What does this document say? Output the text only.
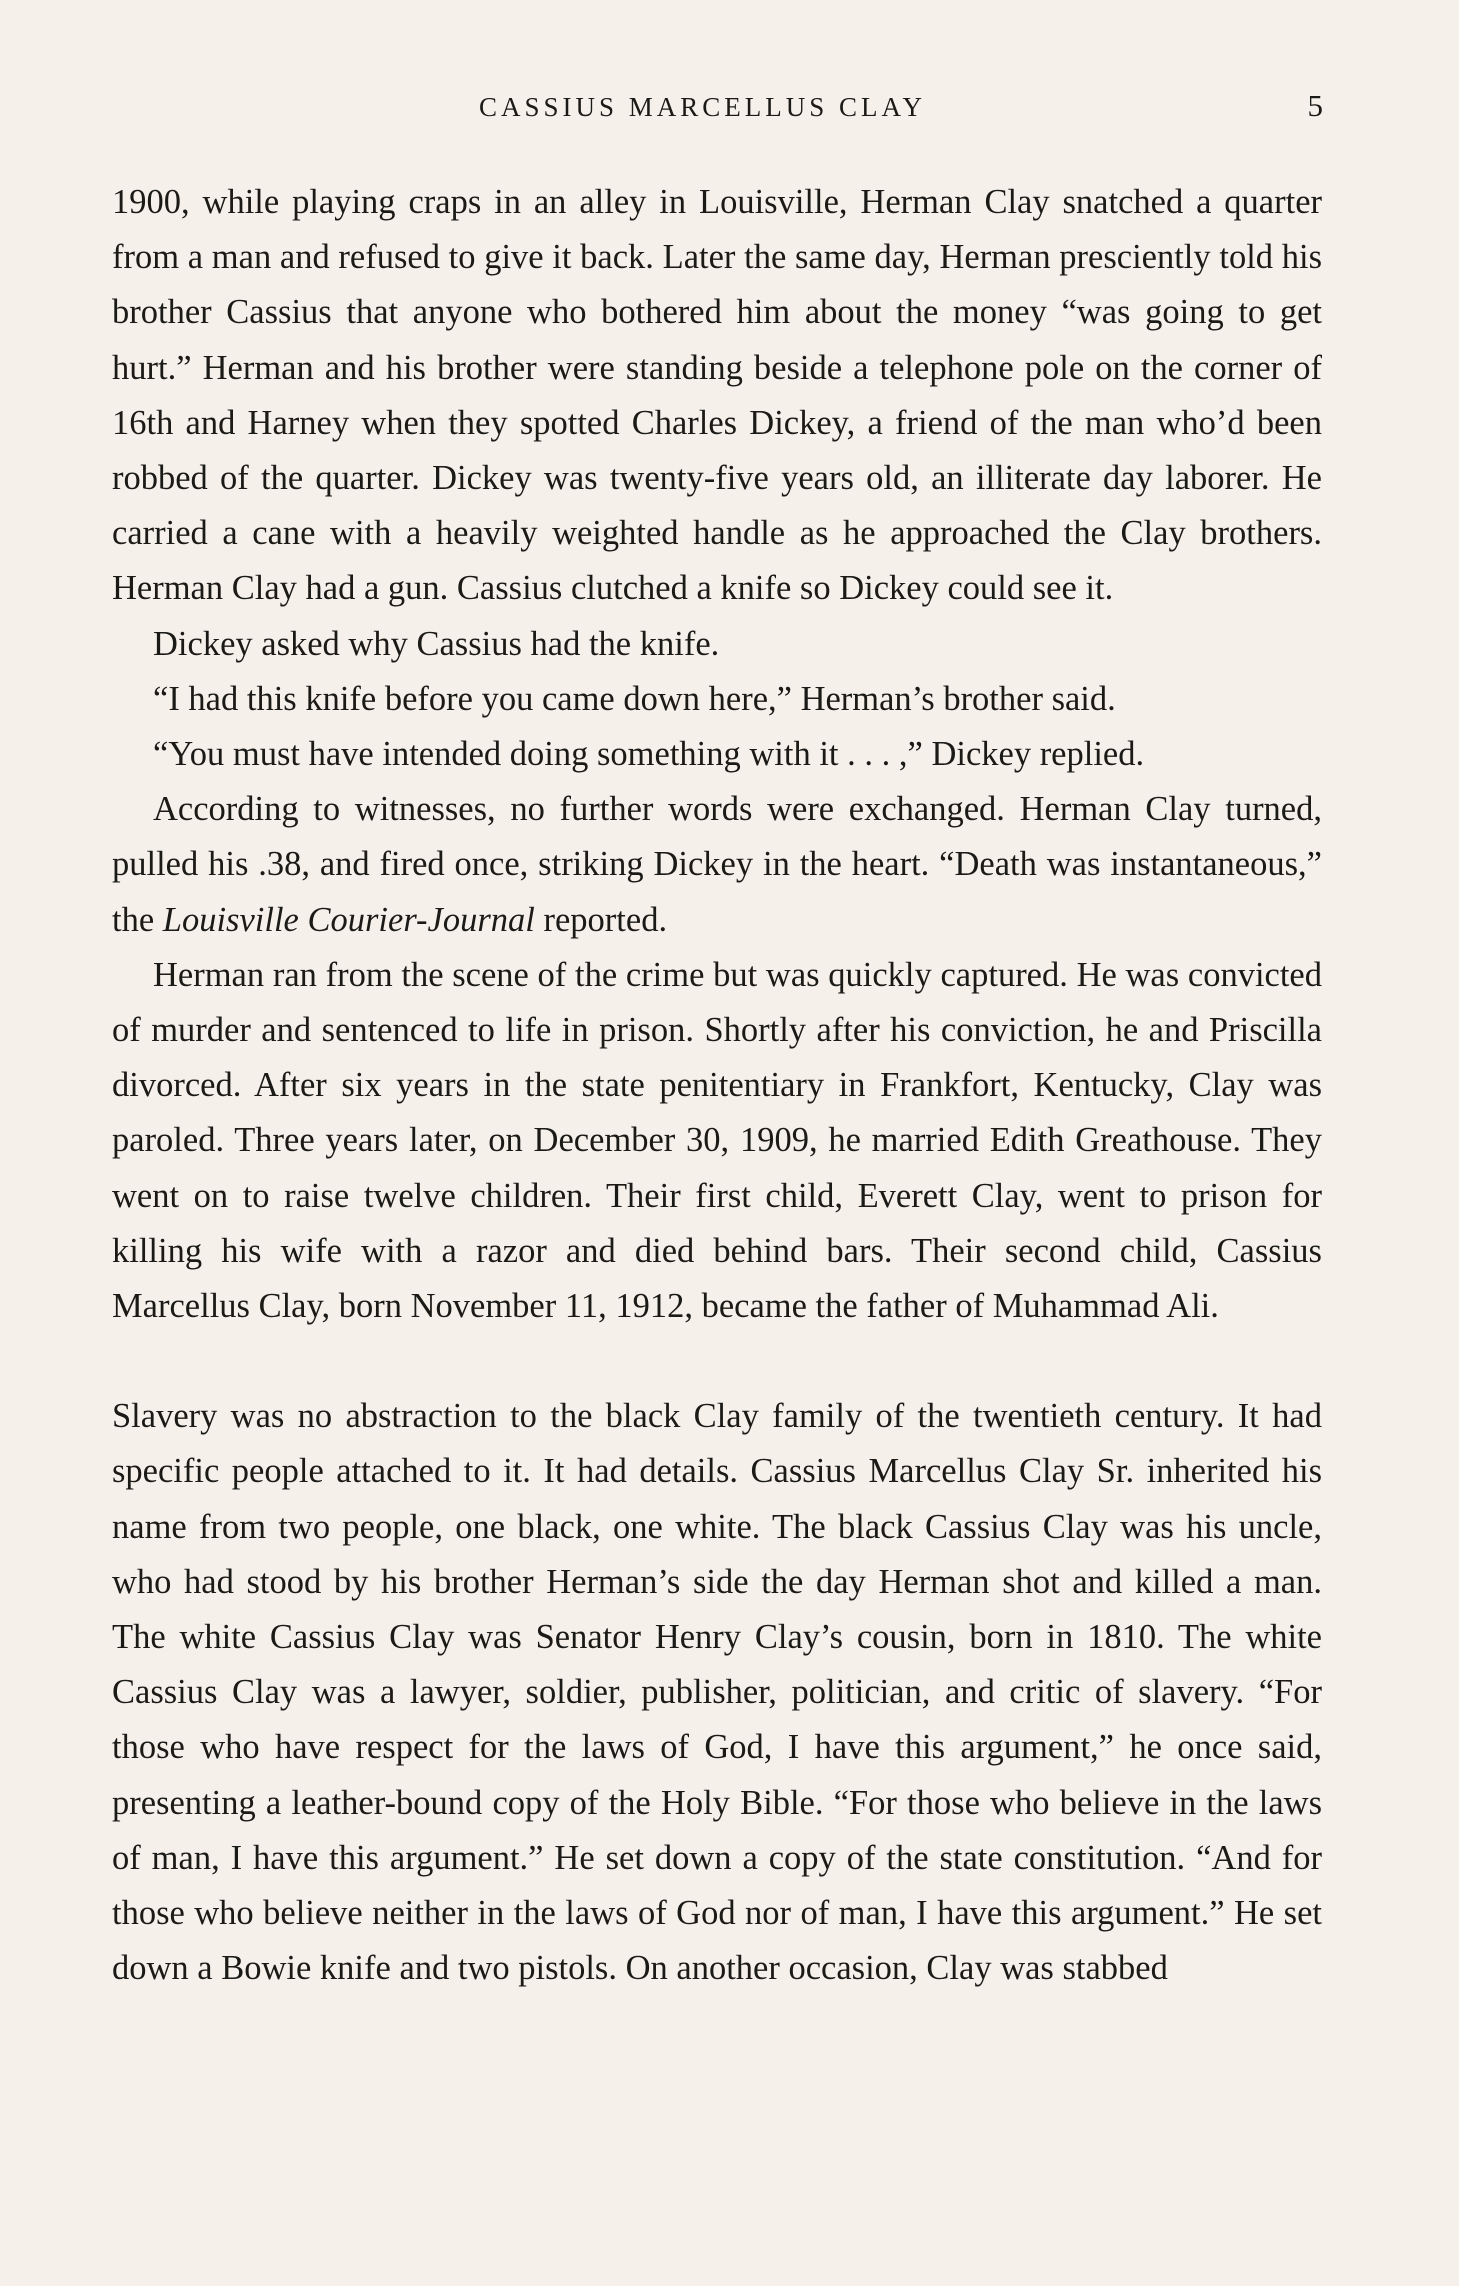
CASSIUS MARCELLUS CLAY	5

1900, while playing craps in an alley in Louisville, Herman Clay snatched a quarter from a man and refused to give it back. Later the same day, Herman presciently told his brother Cassius that anyone who bothered him about the money “was going to get hurt.” Herman and his brother were standing beside a telephone pole on the corner of 16th and Harney when they spotted Charles Dickey, a friend of the man who’d been robbed of the quarter. Dickey was twenty-five years old, an illiterate day laborer. He carried a cane with a heavily weighted handle as he approached the Clay brothers. Herman Clay had a gun. Cassius clutched a knife so Dickey could see it.

Dickey asked why Cassius had the knife.

“I had this knife before you came down here,” Herman’s brother said.

“You must have intended doing something with it . . . ,” Dickey replied.

According to witnesses, no further words were exchanged. Herman Clay turned, pulled his .38, and fired once, striking Dickey in the heart. “Death was instantaneous,” the Louisville Courier-Journal reported.

Herman ran from the scene of the crime but was quickly captured. He was convicted of murder and sentenced to life in prison. Shortly after his conviction, he and Priscilla divorced. After six years in the state penitentiary in Frankfort, Kentucky, Clay was paroled. Three years later, on December 30, 1909, he married Edith Greathouse. They went on to raise twelve children. Their first child, Everett Clay, went to prison for killing his wife with a razor and died behind bars. Their second child, Cassius Marcellus Clay, born November 11, 1912, became the father of Muhammad Ali.

Slavery was no abstraction to the black Clay family of the twentieth century. It had specific people attached to it. It had details. Cassius Marcellus Clay Sr. inherited his name from two people, one black, one white. The black Cassius Clay was his uncle, who had stood by his brother Herman’s side the day Herman shot and killed a man. The white Cassius Clay was Senator Henry Clay’s cousin, born in 1810. The white Cassius Clay was a lawyer, soldier, publisher, politician, and critic of slavery. “For those who have respect for the laws of God, I have this argument,” he once said, presenting a leather-bound copy of the Holy Bible. “For those who believe in the laws of man, I have this argument.” He set down a copy of the state constitution. “And for those who believe neither in the laws of God nor of man, I have this argument.” He set down a Bowie knife and two pistols. On another occasion, Clay was stabbed
